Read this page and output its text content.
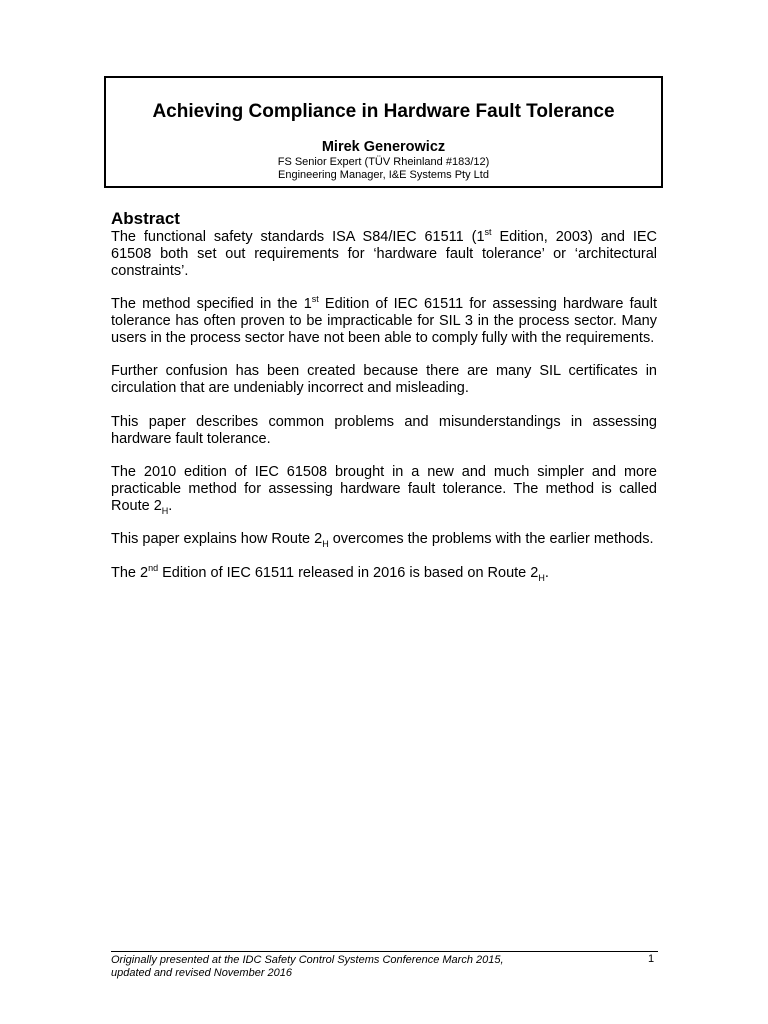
Achieving Compliance in Hardware Fault Tolerance
Mirek Generowicz
FS Senior Expert (TÜV Rheinland #183/12)
Engineering Manager, I&E Systems Pty Ltd
Abstract

The functional safety standards ISA S84/IEC 61511 (1st Edition, 2003) and IEC 61508 both set out requirements for ‘hardware fault tolerance’ or ‘architectural constraints’.

The method specified in the 1st Edition of IEC 61511 for assessing hardware fault tolerance has often proven to be impracticable for SIL 3 in the process sector. Many users in the process sector have not been able to comply fully with the requirements.

Further confusion has been created because there are many SIL certificates in circulation that are undeniably incorrect and misleading.

This paper describes common problems and misunderstandings in assessing hardware fault tolerance.

The 2010 edition of IEC 61508 brought in a new and much simpler and more practicable method for assessing hardware fault tolerance. The method is called Route $2_H$.

This paper explains how Route $2_H$ overcomes the problems with the earlier methods.

The 2nd Edition of IEC 61511 released in 2016 is based on Route $2_H$.

Originally presented at the IDC Safety Control Systems Conference March 2015,
updated and revised November 2016
1
